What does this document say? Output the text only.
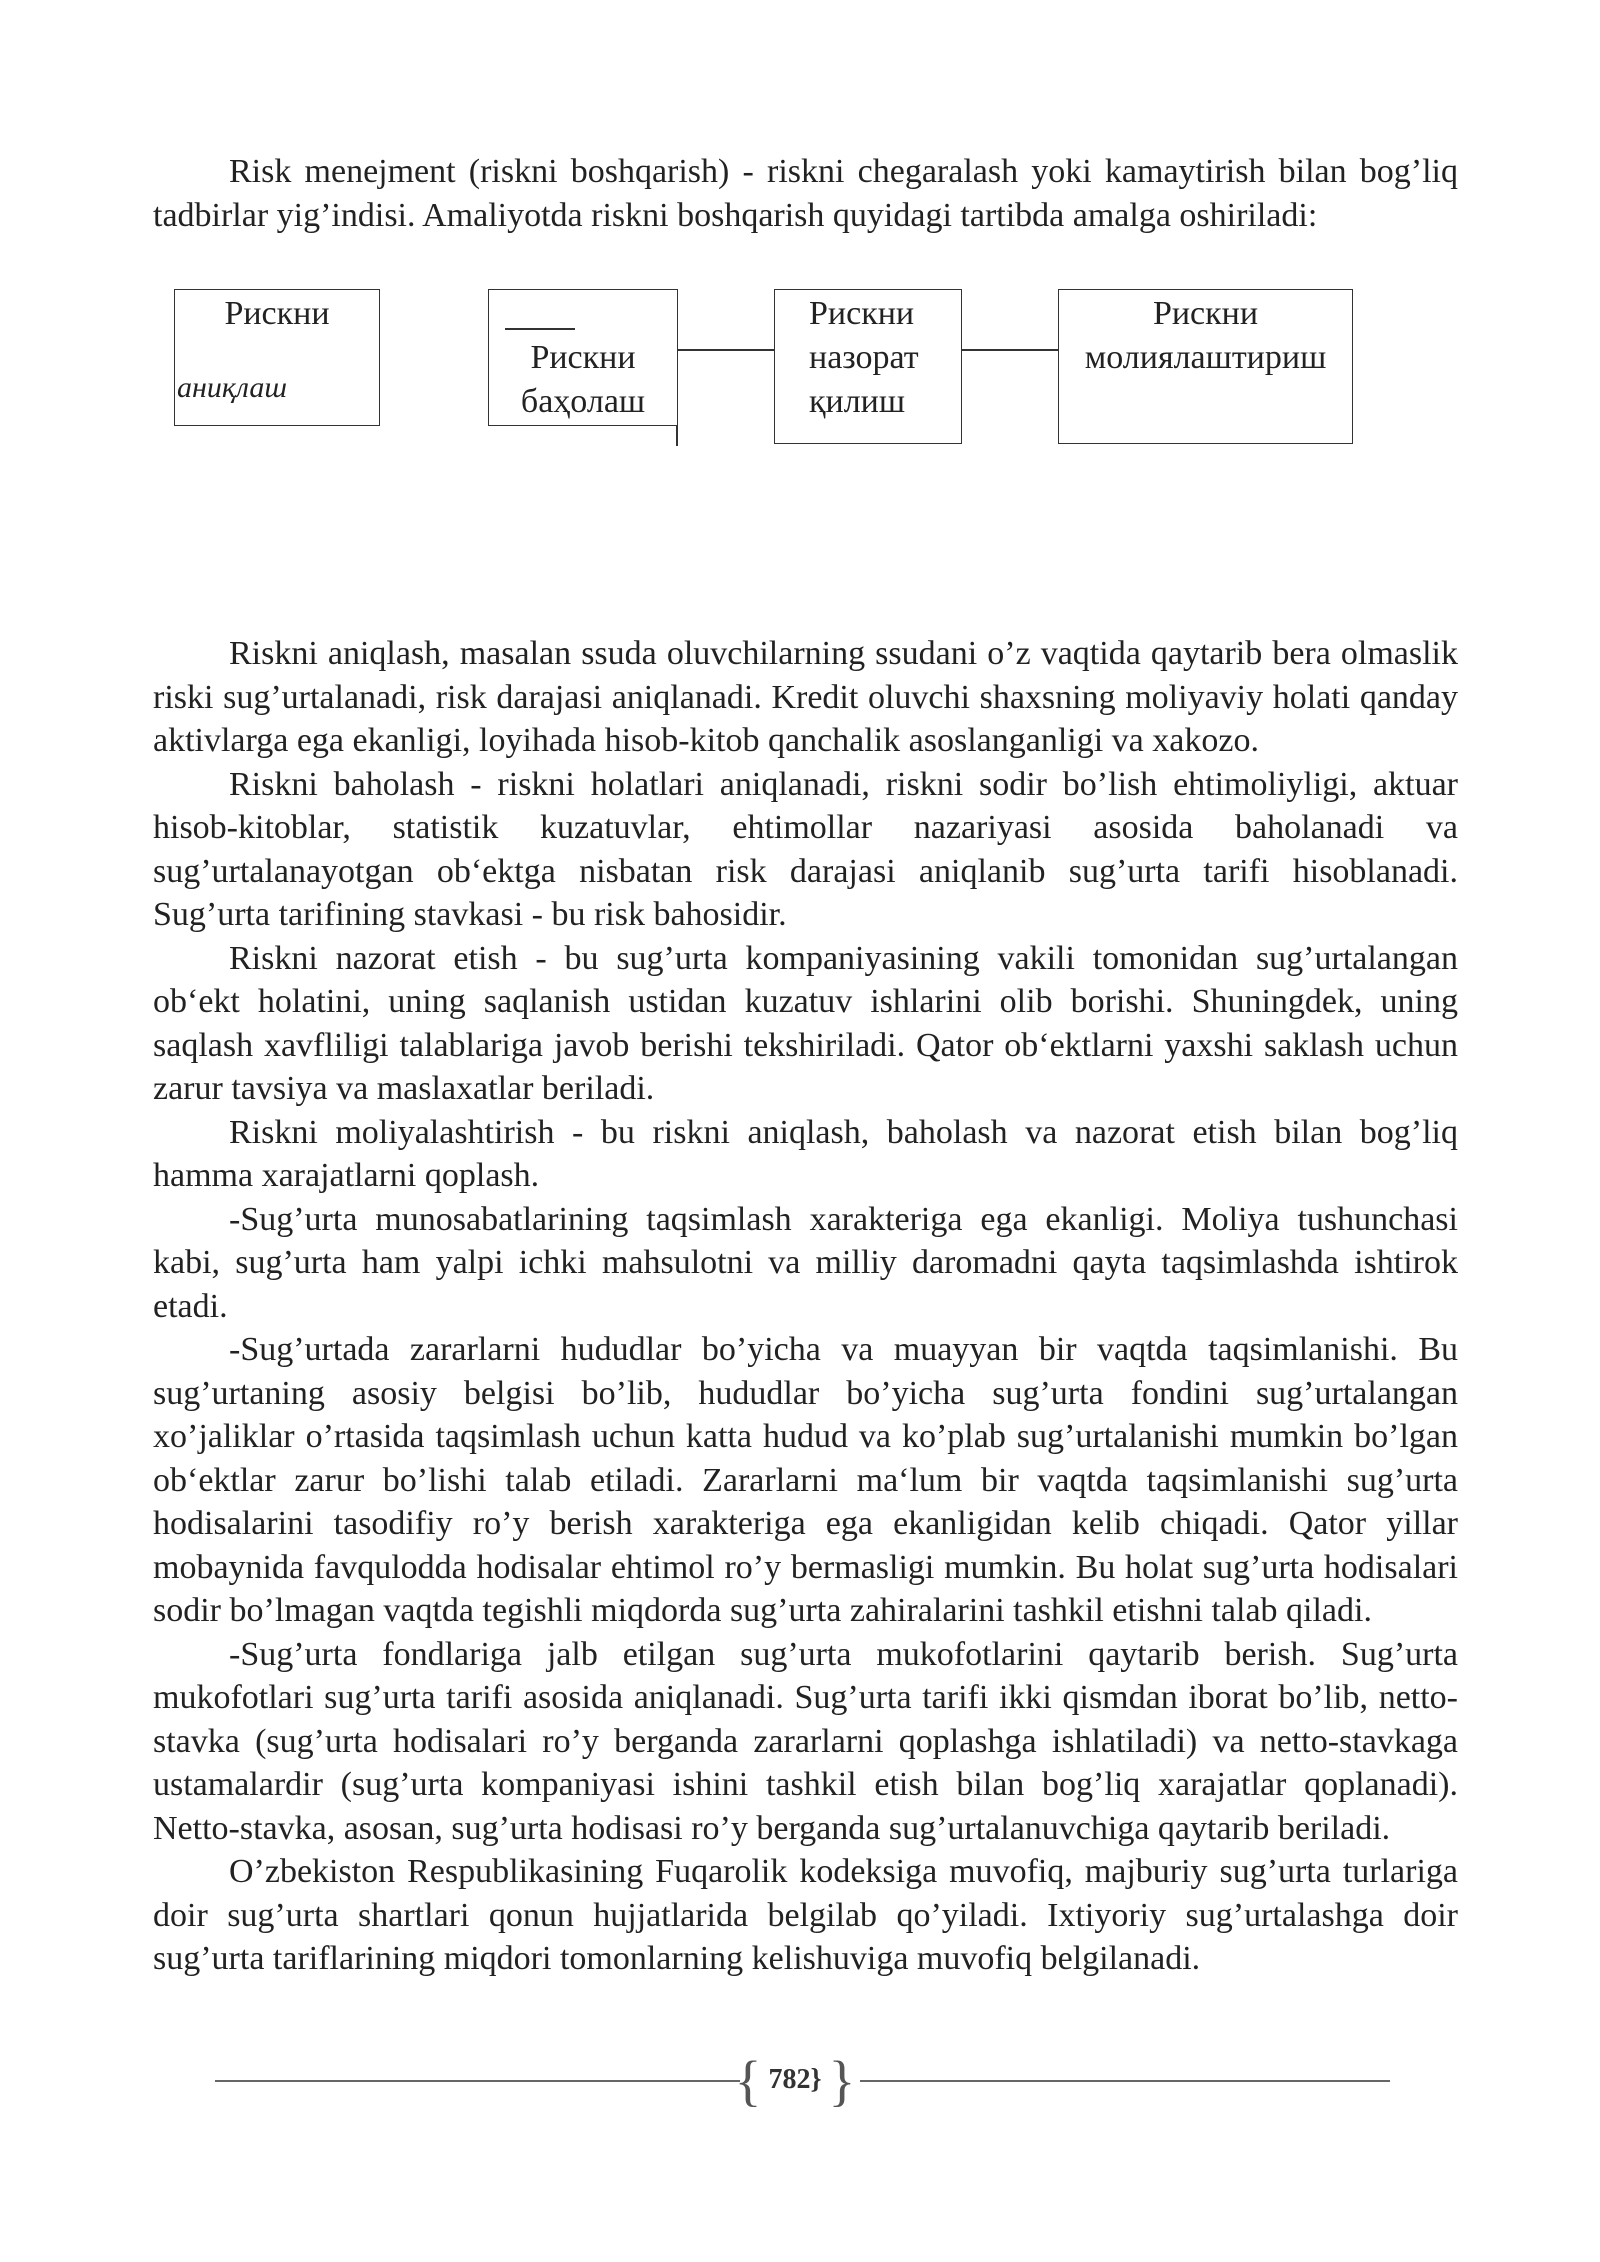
Risk menejment (riskni boshqarish) - riskni chegaralash yoki kamaytirish bilan bog’liq tadbirlar yig’indisi. Amaliyotda riskni boshqarish quyidagi tartibda amalga oshiriladi:

Рискни
аниқлаш
Рискни
баҳолаш
Рискни
назорат
қилиш
Рискни
молиялаштириш

Riskni aniqlash, masalan ssuda oluvchilarning ssudani o’z vaqtida qaytarib bera olmaslik riski sug’urtalanadi, risk darajasi aniqlanadi. Kredit oluvchi shaxsning moliyaviy holati qanday aktivlarga ega ekanligi, loyihada hisob-kitob qanchalik asoslanganligi va xakozo.

Riskni baholash - riskni holatlari aniqlanadi, riskni sodir bo’lish ehtimoliyligi, aktuar hisob-kitoblar, statistik kuzatuvlar, ehtimollar nazariyasi asosida baholanadi va sug’urtalanayotgan ob‘ektga nisbatan risk darajasi aniqlanib sug’urta tarifi hisoblanadi. Sug’urta tarifining stavkasi - bu risk bahosidir.

Riskni nazorat etish - bu sug’urta kompaniyasining vakili tomonidan sug’urtalangan ob‘ekt holatini, uning saqlanish ustidan kuzatuv ishlarini olib borishi. Shuningdek, uning saqlash xavfliligi talablariga javob berishi tekshiriladi. Qator ob‘ektlarni yaxshi saklash uchun zarur tavsiya va maslaxatlar beriladi.

Riskni moliyalashtirish - bu riskni aniqlash, baholash va nazorat etish bilan bog’liq hamma xarajatlarni qoplash.

-Sug’urta munosabatlarining taqsimlash xarakteriga ega ekanligi. Moliya tushunchasi kabi, sug’urta ham yalpi ichki mahsulotni va milliy daromadni qayta taqsimlashda ishtirok etadi.

-Sug’urtada zararlarni hududlar bo’yicha va muayyan bir vaqtda taqsimlanishi. Bu sug’urtaning asosiy belgisi bo’lib, hududlar bo’yicha sug’urta fondini sug’urtalangan xo’jaliklar o’rtasida taqsimlash uchun katta hudud va ko’plab sug’urtalanishi mumkin bo’lgan ob‘ektlar zarur bo’lishi talab etiladi. Zararlarni ma‘lum bir vaqtda taqsimlanishi sug’urta hodisalarini tasodifiy ro’y berish xarakteriga ega ekanligidan kelib chiqadi. Qator yillar mobaynida favqulodda hodisalar ehtimol ro’y bermasligi mumkin. Bu holat sug’urta hodisalari sodir bo’lmagan vaqtda tegishli miqdorda sug’urta zahiralarini tashkil etishni talab qiladi.

-Sug’urta fondlariga jalb etilgan sug’urta mukofotlarini qaytarib berish. Sug’urta mukofotlari sug’urta tarifi asosida aniqlanadi. Sug’urta tarifi ikki qismdan iborat bo’lib, netto-stavka (sug’urta hodisalari ro’y berganda zararlarni qoplashga ishlatiladi) va netto-stavkaga ustamalardir (sug’urta kompaniyasi ishini tashkil etish bilan bog’liq xarajatlar qoplanadi). Netto-stavka, asosan, sug’urta hodisasi ro’y berganda sug’urtalanuvchiga qaytarib beriladi.

O’zbekiston Respublikasining Fuqarolik kodeksiga muvofiq, majburiy sug’urta turlariga doir sug’urta shartlari qonun hujjatlarida belgilab qo’yiladi. Ixtiyoriy sug’urtalashga doir sug’urta tariflarining miqdori tomonlarning kelishuviga muvofiq belgilanadi.

{ 782} }
